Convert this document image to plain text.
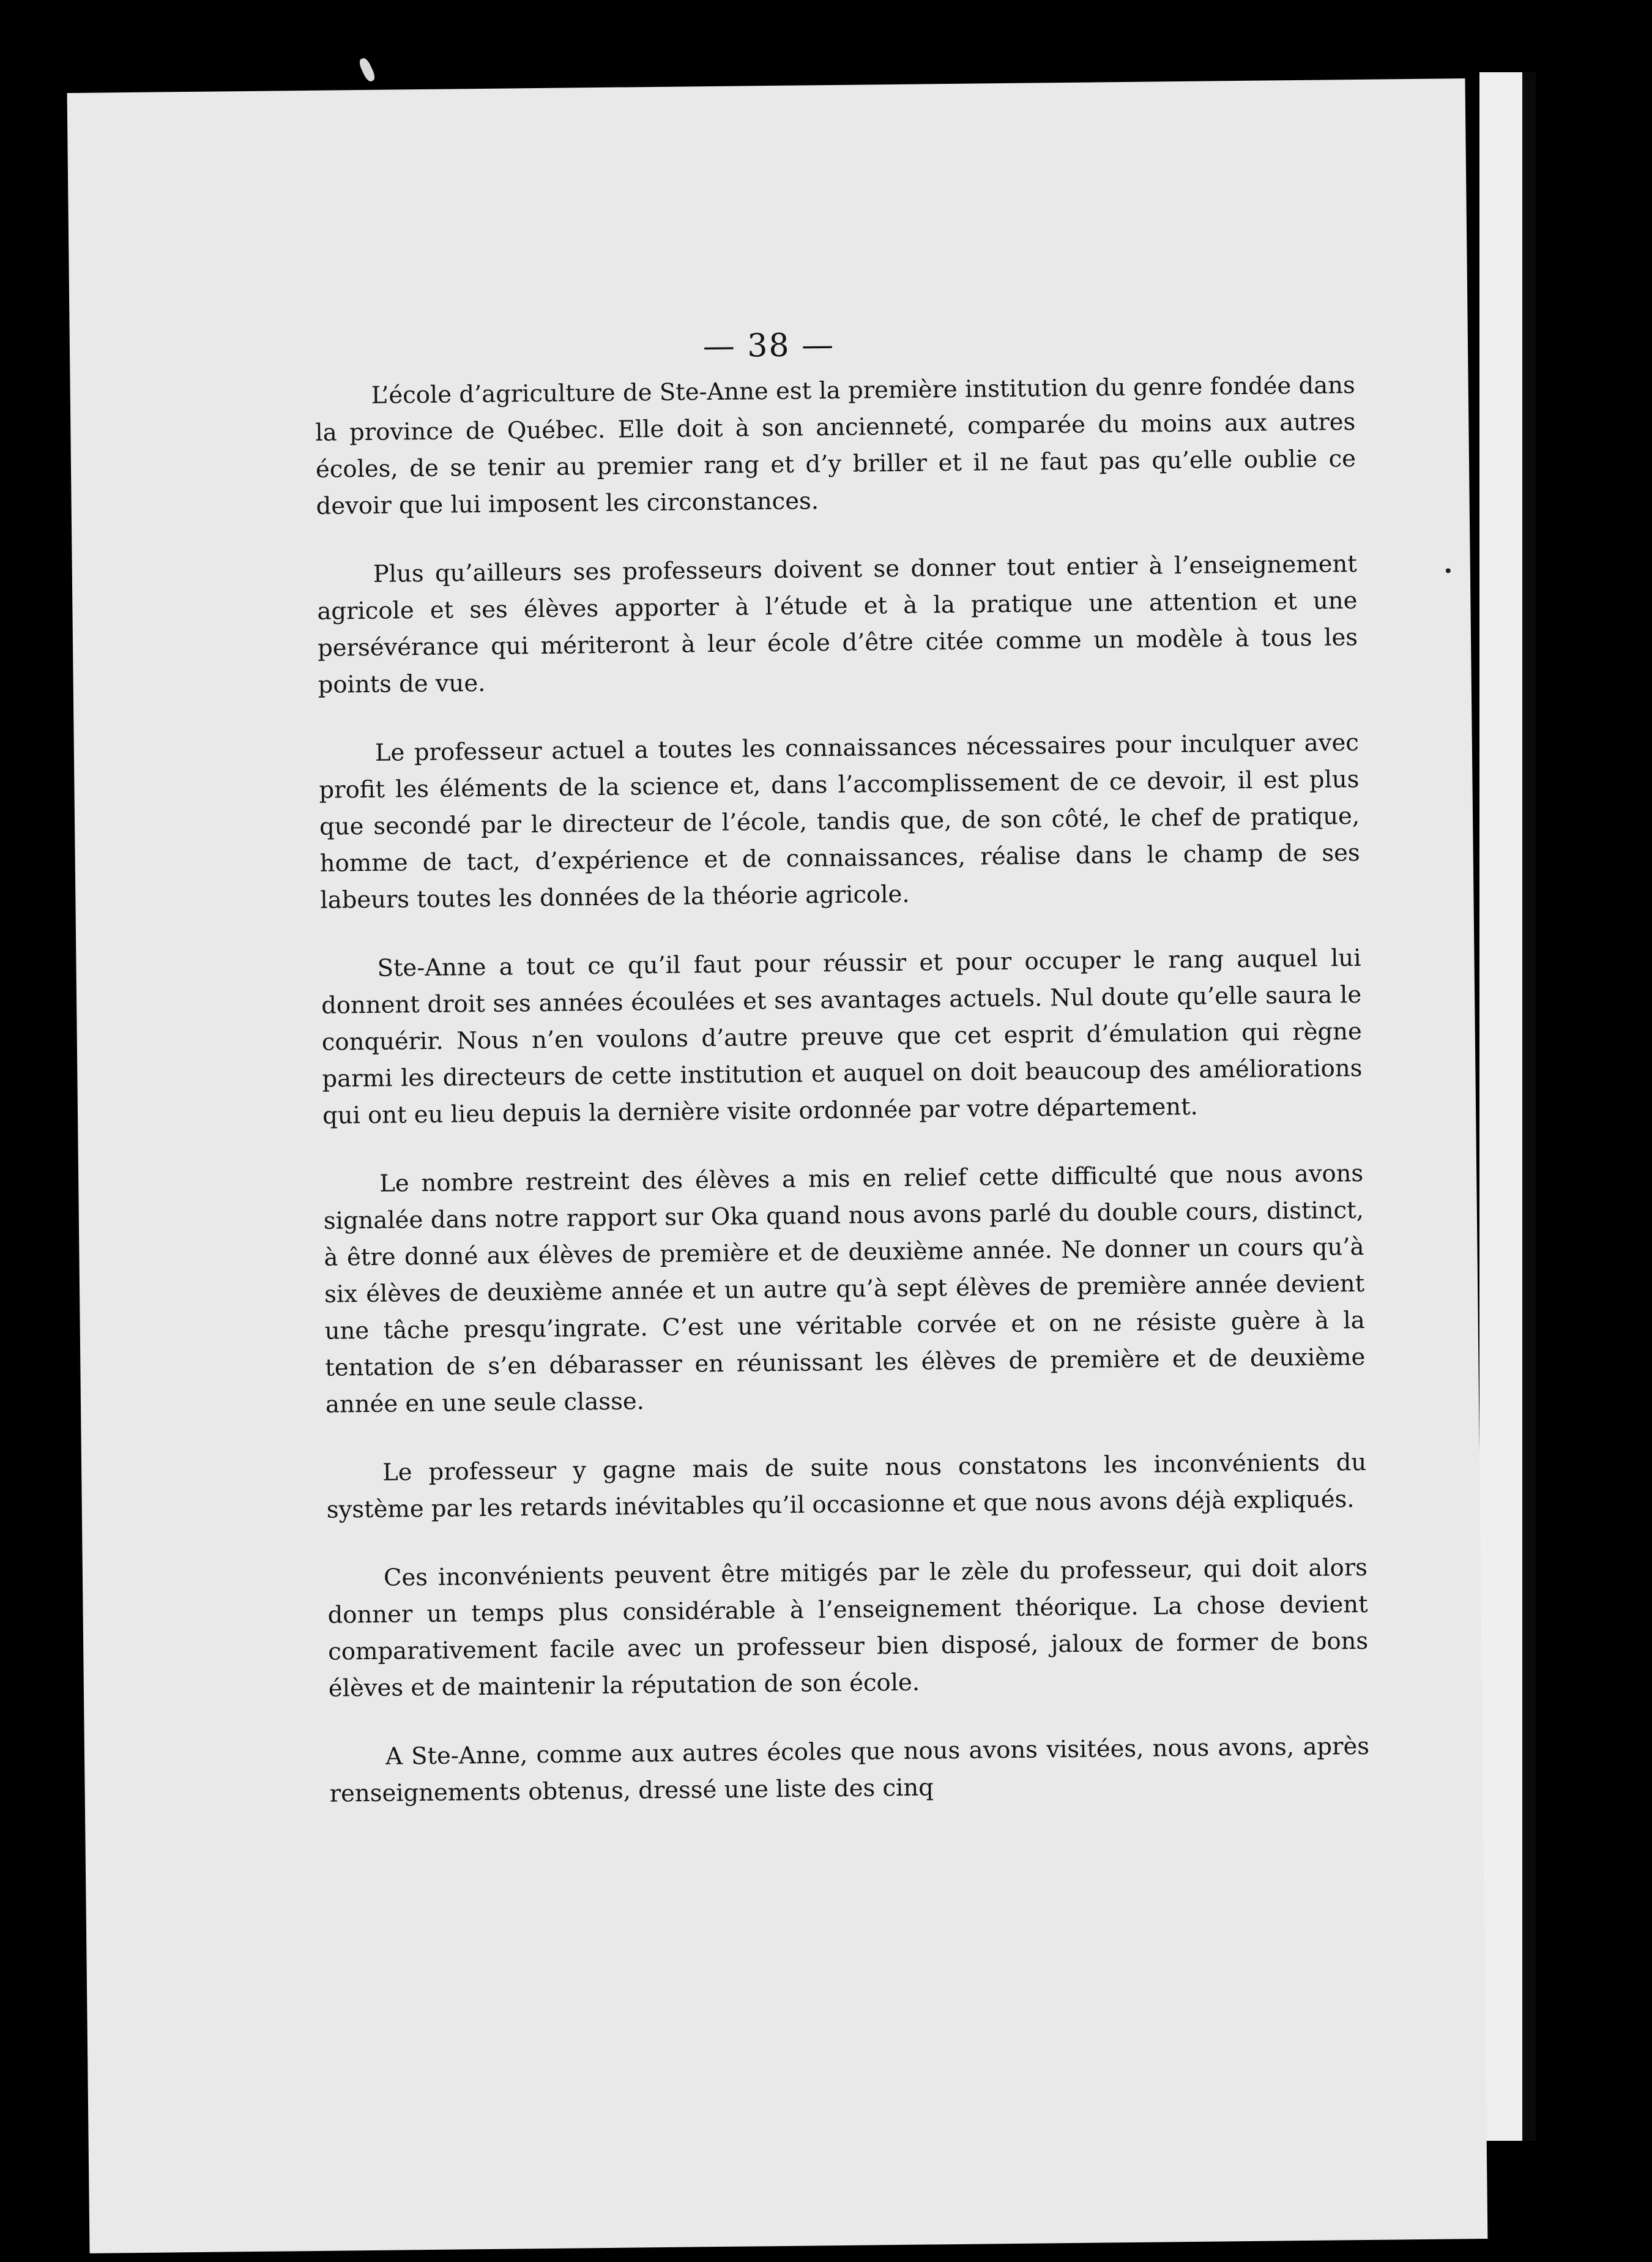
— 38 —

L’école d’agriculture de Ste-Anne est la première institution du genre fondée dans la province de Québec. Elle doit à son ancienneté, comparée du moins aux autres écoles, de se tenir au premier rang et d’y briller et il ne faut pas qu’elle oublie ce devoir que lui imposent les circonstances.

Plus qu’ailleurs ses professeurs doivent se donner tout entier à l’enseignement agricole et ses élèves apporter à l’étude et à la pratique une attention et une persévérance qui mériteront à leur école d’être citée comme un modèle à tous les points de vue.

Le professeur actuel a toutes les connaissances nécessaires pour inculquer avec profit les éléments de la science et, dans l’accomplissement de ce devoir, il est plus que secondé par le directeur de l’école, tandis que, de son côté, le chef de pratique, homme de tact, d’expérience et de connaissances, réalise dans le champ de ses labeurs toutes les données de la théorie agricole.

Ste-Anne a tout ce qu’il faut pour réussir et pour occuper le rang auquel lui donnent droit ses années écoulées et ses avantages actuels. Nul doute qu’elle saura le conquérir. Nous n’en voulons d’autre preuve que cet esprit d’émulation qui règne parmi les directeurs de cette institution et auquel on doit beaucoup des améliorations qui ont eu lieu depuis la dernière visite ordonnée par votre département.

Le nombre restreint des élèves a mis en relief cette difficulté que nous avons signalée dans notre rapport sur Oka quand nous avons parlé du double cours, distinct, à être donné aux élèves de première et de deuxième année. Ne donner un cours qu’à six élèves de deuxième année et un autre qu’à sept élèves de première année devient une tâche presqu’ingrate. C’est une véritable corvée et on ne résiste guère à la tentation de s’en débarasser en réunissant les élèves de première et de deuxième année en une seule classe.

Le professeur y gagne mais de suite nous constatons les inconvénients du système par les retards inévitables qu’il occasionne et que nous avons déjà expliqués.

Ces inconvénients peuvent être mitigés par le zèle du professeur, qui doit alors donner un temps plus considérable à l’enseignement théorique. La chose devient comparativement facile avec un professeur bien disposé, jaloux de former de bons élèves et de maintenir la réputation de son école.

A Ste-Anne, comme aux autres écoles que nous avons visitées, nous avons, après renseignements obtenus, dressé une liste des cinq
